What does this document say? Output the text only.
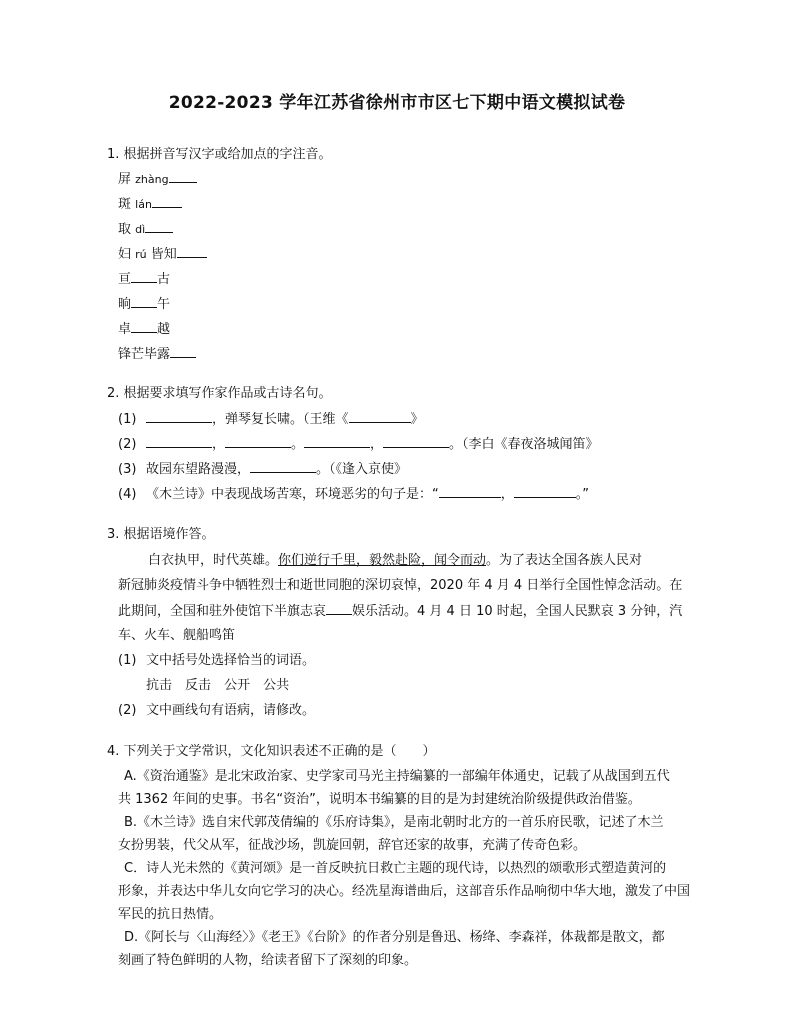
2022-2023 学年江苏省徐州市市区七下期中语文模拟试卷
1. 根据拼音写汉字或给加点的字注音。
屏 zhàng
斑 lán
取 dì
妇 rú 皆知
亘 古
晌 午
卓 越
锋芒毕露
2. 根据要求填写作家作品或古诗名句。
(1)	，弹琴复长啸。（王维《	》
(2)	，	。	，	。（李白《春夜洛城闻笛》
(3) 故园东望路漫漫，	。（《逢入京使》
(4) 《木兰诗》中表现战场苦寒，环境恶劣的句子是：“	，	。”
3. 根据语境作答。
白衣执甲，时代英雄。你们逆行千里，毅然赴险，闻令而动。为了表达全国各族人民对
新冠肺炎疫情斗争中牺牲烈士和逝世同胞的深切哀悼，2020 年 4 月 4 日举行全国性悼念活动。在
此期间，全国和驻外使馆下半旗志哀 娱乐活动。4 月 4 日 10 时起，全国人民默哀 3 分钟，汽
车、火车、舰船鸣笛
(1) 文中括号处选择恰当的词语。
抗击　 反击　 公开　 公共
(2) 文中画线句有语病，请修改。
4. 下列关于文学常识，文化知识表述不正确的是（　　）
A.《资治通鉴》是北宋政治家、史学家司马光主持编纂的一部编年体通史，记载了从战国到五代
共 1362 年间的史事。书名“资治”，说明本书编纂的目的是为封建统治阶级提供政治借鉴。
B.《木兰诗》选自宋代郭茂倩编的《乐府诗集》，是南北朝时北方的一首乐府民歌，记述了木兰
女扮男装，代父从军，征战沙场，凯旋回朝，辞官还家的故事，充满了传奇色彩。
C．诗人光未然的《黄河颂》是一首反映抗日救亡主题的现代诗，以热烈的颂歌形式塑造黄河的
形象，并表达中华儿女向它学习的决心。经冼星海谱曲后，这部音乐作品响彻中华大地，激发了中国
军民的抗日热情。
D.《阿长与〈山海经〉》《老王》《台阶》的作者分别是鲁迅、杨绛、李森祥，体裁都是散文，都
刻画了特色鲜明的人物，给读者留下了深刻的印象。
